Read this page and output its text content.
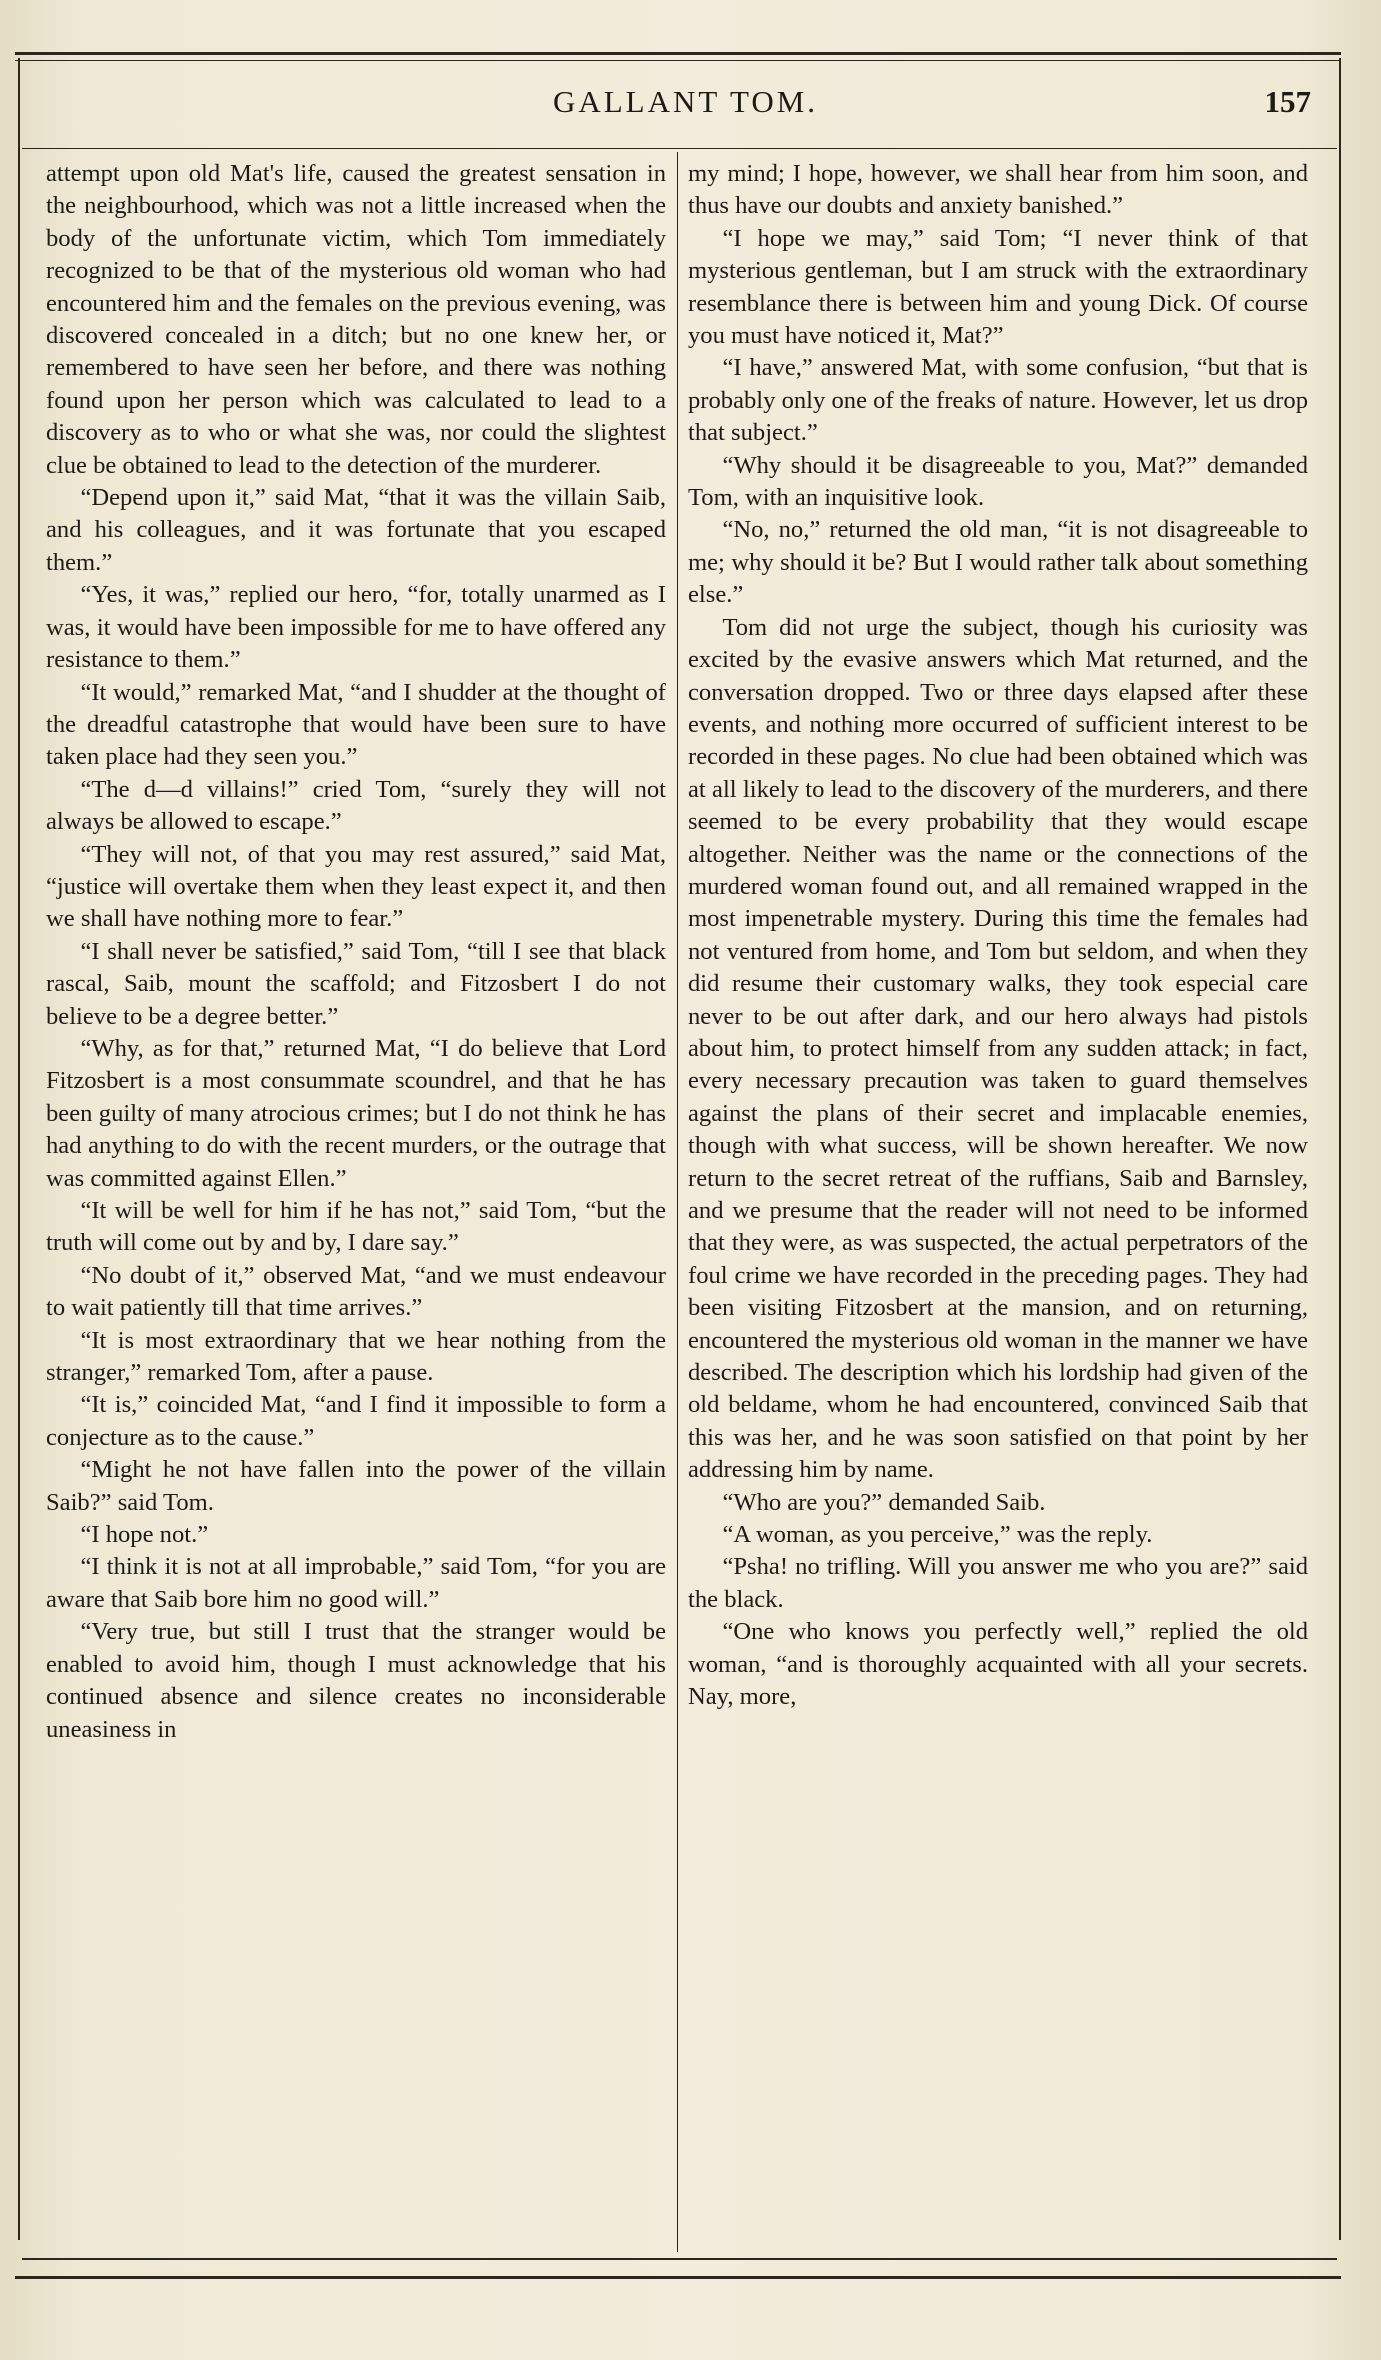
GALLANT TOM.	157

attempt upon old Mat's life, caused the greatest sensation in the neighbourhood, which was not a little increased when the body of the unfortunate victim, which Tom immediately recognized to be that of the mysterious old woman who had encountered him and the females on the previous evening, was discovered concealed in a ditch; but no one knew her, or remembered to have seen her before, and there was nothing found upon her person which was calculated to lead to a discovery as to who or what she was, nor could the slightest clue be obtained to lead to the detection of the murderer.

“Depend upon it,” said Mat, “that it was the villain Saib, and his colleagues, and it was fortunate that you escaped them.”

“Yes, it was,” replied our hero, “for, totally unarmed as I was, it would have been impossible for me to have offered any resistance to them.”

“It would,” remarked Mat, “and I shudder at the thought of the dreadful catastrophe that would have been sure to have taken place had they seen you.”

“The d—d villains!” cried Tom, “surely they will not always be allowed to escape.”

“They will not, of that you may rest assured,” said Mat, “justice will overtake them when they least expect it, and then we shall have nothing more to fear.”

“I shall never be satisfied,” said Tom, “till I see that black rascal, Saib, mount the scaffold; and Fitzosbert I do not believe to be a degree better.”

“Why, as for that,” returned Mat, “I do believe that Lord Fitzosbert is a most consummate scoundrel, and that he has been guilty of many atrocious crimes; but I do not think he has had anything to do with the recent murders, or the outrage that was committed against Ellen.”

“It will be well for him if he has not,” said Tom, “but the truth will come out by and by, I dare say.”

“No doubt of it,” observed Mat, “and we must endeavour to wait patiently till that time arrives.”

“It is most extraordinary that we hear nothing from the stranger,” remarked Tom, after a pause.

“It is,” coincided Mat, “and I find it impossible to form a conjecture as to the cause.”

“Might he not have fallen into the power of the villain Saib?” said Tom.

“I hope not.”

“I think it is not at all improbable,” said Tom, “for you are aware that Saib bore him no good will.”

“Very true, but still I trust that the stranger would be enabled to avoid him, though I must acknowledge that his continued absence and silence creates no inconsiderable uneasiness in

my mind; I hope, however, we shall hear from him soon, and thus have our doubts and anxiety banished.”

“I hope we may,” said Tom; “I never think of that mysterious gentleman, but I am struck with the extraordinary resemblance there is between him and young Dick. Of course you must have noticed it, Mat?”

“I have,” answered Mat, with some confusion, “but that is probably only one of the freaks of nature. However, let us drop that subject.”

“Why should it be disagreeable to you, Mat?” demanded Tom, with an inquisitive look.

“No, no,” returned the old man, “it is not disagreeable to me; why should it be? But I would rather talk about something else.”

Tom did not urge the subject, though his curiosity was excited by the evasive answers which Mat returned, and the conversation dropped. Two or three days elapsed after these events, and nothing more occurred of sufficient interest to be recorded in these pages. No clue had been obtained which was at all likely to lead to the discovery of the murderers, and there seemed to be every probability that they would escape altogether. Neither was the name or the connections of the murdered woman found out, and all remained wrapped in the most impenetrable mystery. During this time the females had not ventured from home, and Tom but seldom, and when they did resume their customary walks, they took especial care never to be out after dark, and our hero always had pistols about him, to protect himself from any sudden attack; in fact, every necessary precaution was taken to guard themselves against the plans of their secret and implacable enemies, though with what success, will be shown hereafter. We now return to the secret retreat of the ruffians, Saib and Barnsley, and we presume that the reader will not need to be informed that they were, as was suspected, the actual perpetrators of the foul crime we have recorded in the preceding pages. They had been visiting Fitzosbert at the mansion, and on returning, encountered the mysterious old woman in the manner we have described. The description which his lordship had given of the old beldame, whom he had encountered, convinced Saib that this was her, and he was soon satisfied on that point by her addressing him by name.

“Who are you?” demanded Saib.

“A woman, as you perceive,” was the reply.

“Psha! no trifling. Will you answer me who you are?” said the black.

“One who knows you perfectly well,” replied the old woman, “and is thoroughly acquainted with all your secrets. Nay, more,
